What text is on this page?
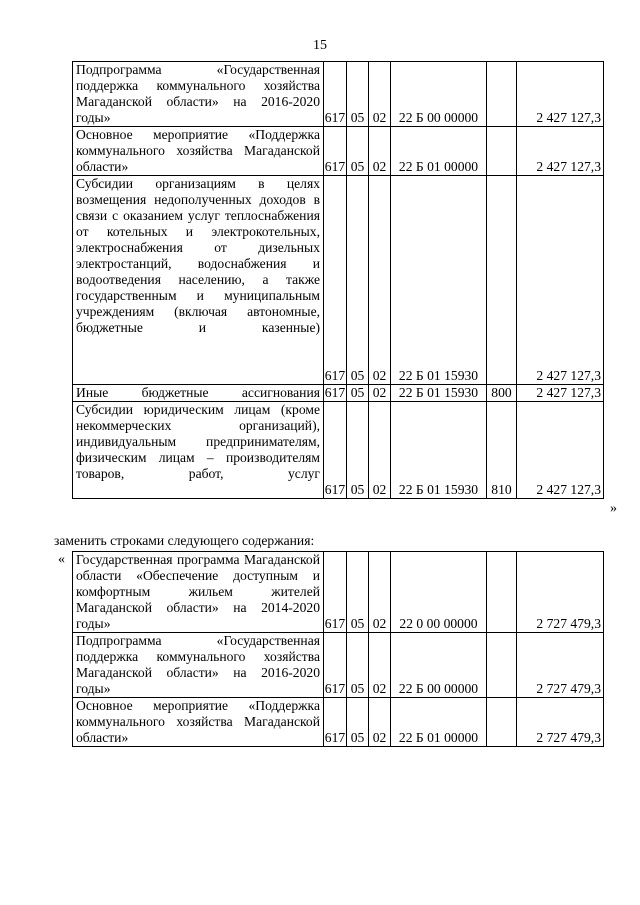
15
Подпрограмма «Государственная поддержка коммунального хозяйства Магаданской области» на 2016-2020 годы»	617	05	02	22 Б 00 00000		2 427 127,3
Основное мероприятие «Поддержка коммунального хозяйства Магаданской области»	617	05	02	22 Б 01 00000		2 427 127,3
Субсидии организациям в целях возмещения недополученных доходов в связи с оказанием услуг теплоснабжения от котельных и электрокотельных, электроснабжения от дизельных электростанций, водоснабжения и водоотведения населению, а также государственным и муниципальным учреждениям (включая автономные, бюджетные и казенные)	617	05	02	22 Б 01 15930		2 427 127,3
Иные бюджетные ассигнования	617	05	02	22 Б 01 15930	800	2 427 127,3
Субсидии юридическим лицам (кроме некоммерческих организаций), индивидуальным предпринимателям, физическим лицам – производителям товаров, работ, услуг	617	05	02	22 Б 01 15930	810	2 427 127,3
»
заменить строками следующего содержания:
« Государственная программа Магаданской области «Обеспечение доступным и комфортным жильем жителей Магаданской области» на 2014-2020 годы»	617	05	02	22 0 00 00000		2 727 479,3
Подпрограмма «Государственная поддержка коммунального хозяйства Магаданской области» на 2016-2020 годы»	617	05	02	22 Б 00 00000		2 727 479,3
Основное мероприятие «Поддержка коммунального хозяйства Магаданской области»	617	05	02	22 Б 01 00000		2 727 479,3
